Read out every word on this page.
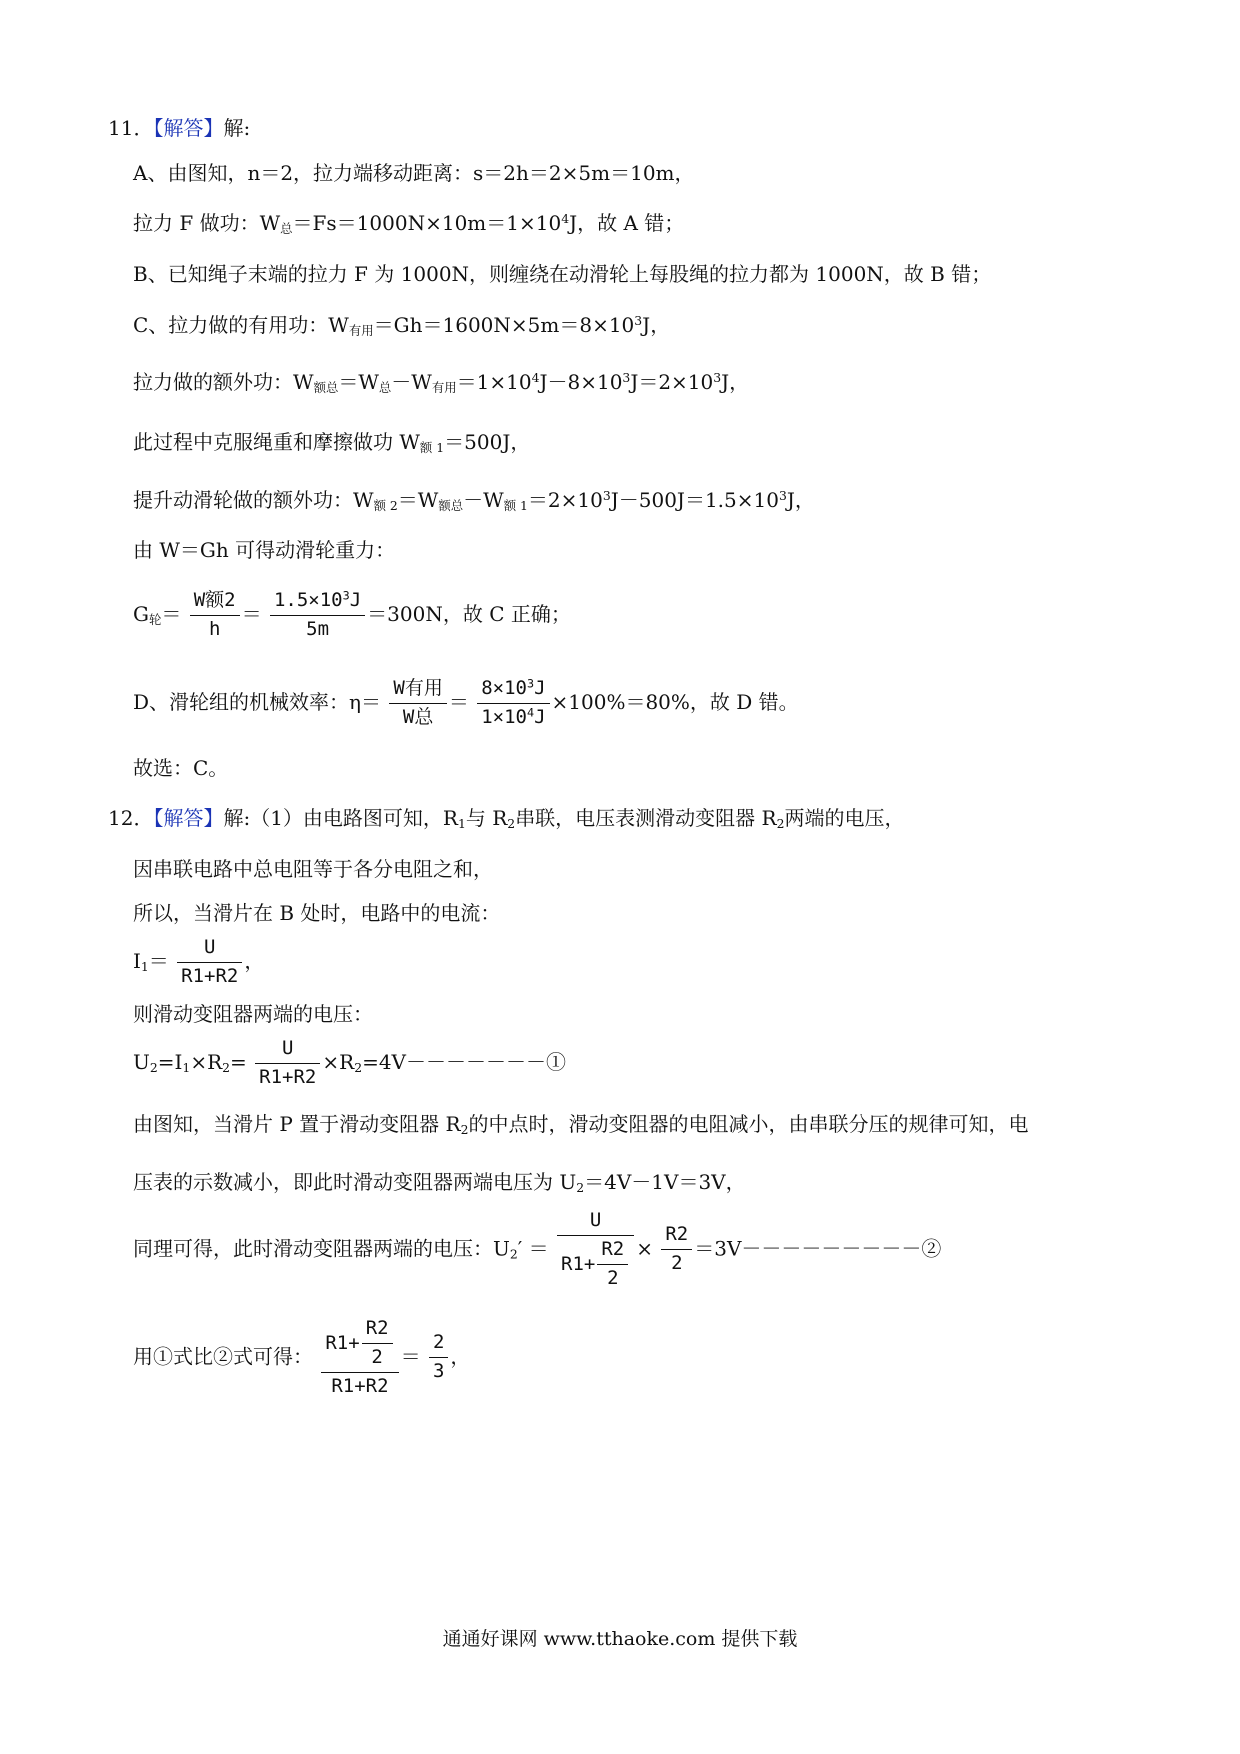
11．【解答】解:
A、由图知，n＝2，拉力端移动距离：s＝2h＝2×5m＝10m，
拉力 F 做功：$W_总=Fs=1000N\times 10m=1\times 10^4J$，故 A 错；
B、已知绳子末端的拉力 F 为 1000N，则缠绕在动滑轮上每股绳的拉力都为 1000N，故 B 错；
C、拉力做的有用功：$W_{有用}=Gh=1600N\times 5m=8\times 10^3J$，
拉力做的额外功：$W_{额总}=W_总-W_{有用}=1\times 10^4J-8\times 10^3J=2\times 10^3J$，
此过程中克服绳重和摩擦做功 $W_{额 1}=500J$，
提升动滑轮做的额外功：$W_{额 2}=W_{额总}-W_{额 1}=2\times 10^3J-500J=1.5\times 10^3J$，
由 W＝Gh 可得动滑轮重力：
$G_轮= \frac{\text{W额2}}{h} = \frac{1.5\times 10^3J}{5m} =300N$，故 C 正确；
D、滑轮组的机械效率：$\eta= \frac{\text{W有用}}{\text{W总}} = \frac{8\times 10^3J}{1\times 10^4J} \times 100\%=80\%$，故 D 错。
故选：C。
12．【解答】解:（1）由电路图可知，$R_1$与 $R_2$串联，电压表测滑动变阻器 $R_2$两端的电压，
因串联电路中总电阻等于各分电阻之和，
所以，当滑片在 B 处时，电路中的电流：
$I_1= \frac{U}{R1+R2}$ ，
则滑动变阻器两端的电压：
$U_2=I_1\times R_2= \frac{U}{R1+R2}$ $\times R_2=4V-------①$
由图知，当滑片 P 置于滑动变阻器 $R_2$的中点时，滑动变阻器的电阻减小，由串联分压的规律可知，电
压表的示数减小，即此时滑动变阻器两端电压为 $U_2=4V-1V=3V$，
同理可得，此时滑动变阻器两端的电压：$U_2' = \frac{U}{R1+ \frac{R2}{2}} \times \frac{R2}{2}$ ＝3V－－－－－－－－－②
用①式比②式可得： $\frac{R1+ \frac{R2}{2}}{R1+R2} = \frac{2}{3}$ ，
通通好课网 www.tthaoke.com 提供下载
